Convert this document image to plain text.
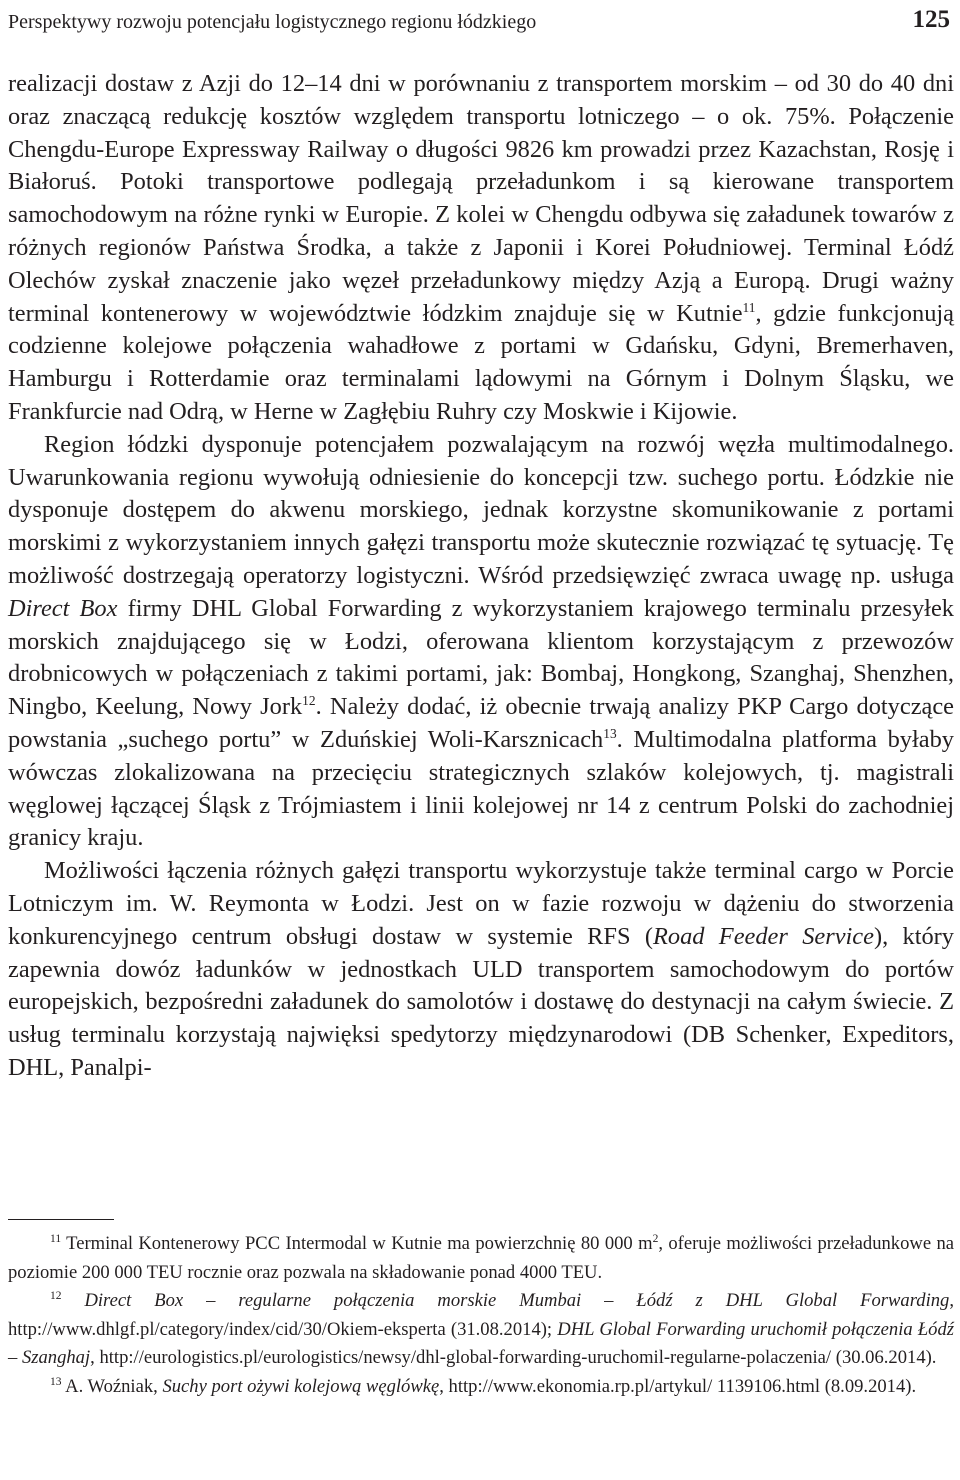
Perspektywy rozwoju potencjału logistycznego regionu łódzkiego	125

realizacji dostaw z Azji do 12–14 dni w porównaniu z transportem morskim – od 30 do 40 dni oraz znaczącą redukcję kosztów względem transportu lotniczego – o ok. 75%. Połączenie Chengdu-Europe Expressway Railway o długości 9826 km prowadzi przez Kazachstan, Rosję i Białoruś. Potoki transportowe podlegają przeładunkom i są kierowane transportem samochodowym na różne rynki w Europie. Z kolei w Chengdu odbywa się załadunek towarów z różnych regionów Państwa Środka, a także z Japonii i Korei Południowej. Terminal Łódź Olechów zyskał znaczenie jako węzeł przeładunkowy między Azją a Europą. Drugi ważny terminal kontenerowy w województwie łódzkim znajduje się w Kutnie$^{11}$, gdzie funkcjonują codzienne kolejowe połączenia wahadłowe z portami w Gdańsku, Gdyni, Bremerhaven, Hamburgu i Rotterdamie oraz terminalami lądowymi na Górnym i Dolnym Śląsku, we Frankfurcie nad Odrą, w Herne w Zagłębiu Ruhry czy Moskwie i Kijowie.

Region łódzki dysponuje potencjałem pozwalającym na rozwój węzła multimodalnego. Uwarunkowania regionu wywołują odniesienie do koncepcji tzw. suchego portu. Łódzkie nie dysponuje dostępem do akwenu morskiego, jednak korzystne skomunikowanie z portami morskimi z wykorzystaniem innych gałęzi transportu może skutecznie rozwiązać tę sytuację. Tę możliwość dostrzegają operatorzy logistyczni. Wśród przedsięwzięć zwraca uwagę np. usługa Direct Box firmy DHL Global Forwarding z wykorzystaniem krajowego terminalu przesyłek morskich znajdującego się w Łodzi, oferowana klientom korzystającym z przewozów drobnicowych w połączeniach z takimi portami, jak: Bombaj, Hongkong, Szanghaj, Shenzhen, Ningbo, Keelung, Nowy Jork$^{12}$. Należy dodać, iż obecnie trwają analizy PKP Cargo dotyczące powstania „suchego portu” w Zduńskiej Woli-Karsznicach$^{13}$. Multimodalna platforma byłaby wówczas zlokalizowana na przecięciu strategicznych szlaków kolejowych, tj. magistrali węglowej łączącej Śląsk z Trójmiastem i linii kolejowej nr 14 z centrum Polski do zachodniej granicy kraju.

Możliwości łączenia różnych gałęzi transportu wykorzystuje także terminal cargo w Porcie Lotniczym im. W. Reymonta w Łodzi. Jest on w fazie rozwoju w dążeniu do stworzenia konkurencyjnego centrum obsługi dostaw w systemie RFS (Road Feeder Service), który zapewnia dowóz ładunków w jednostkach ULD transportem samochodowym do portów europejskich, bezpośredni załadunek do samolotów i dostawę do destynacji na całym świecie. Z usług terminalu korzystają najwięksi spedytorzy międzynarodowi (DB Schenker, Expeditors, DHL, Panalpi-

$^{11}$ Terminal Kontenerowy PCC Intermodal w Kutnie ma powierzchnię 80 000 $m^2$, oferuje możliwości przeładunkowe na poziomie 200 000 TEU rocznie oraz pozwala na składowanie ponad 4000 TEU.

$^{12}$ Direct Box – regularne połączenia morskie Mumbai – Łódź z DHL Global Forwarding, http://www.dhlgf.pl/category/index/cid/30/Okiem-eksperta (31.08.2014); DHL Global Forwarding uruchomił połączenia Łódź – Szanghaj, http://eurologistics.pl/eurologistics/newsy/dhl-global-forwarding-uruchomil-regularne-polaczenia/ (30.06.2014).

$^{13}$ A. Woźniak, Suchy port ożywi kolejową węglówkę, http://www.ekonomia.rp.pl/artykul/ 1139106.html (8.09.2014).
